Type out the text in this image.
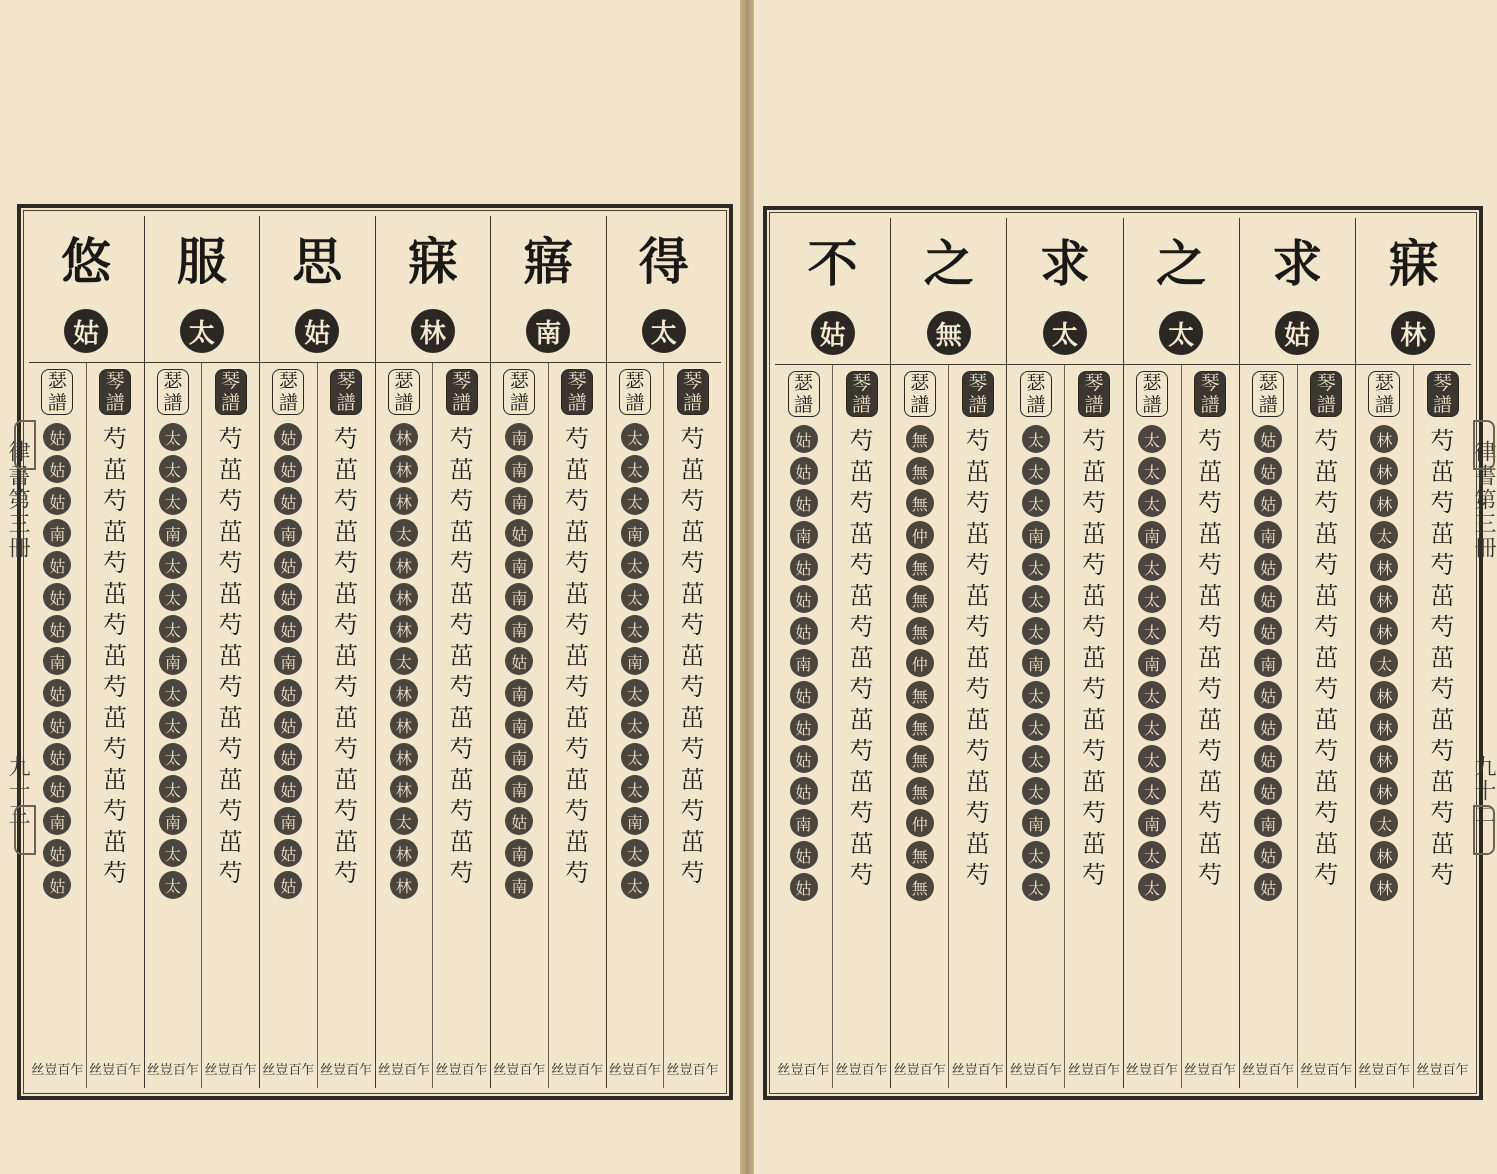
悠
姑
瑟譜
姑
姑
姑
南
姑
姑
姑
南
姑
姑
姑
姑
南
姑
姑
丝豈百乍
琴譜
芍
茁
芍
茁
芍
茁
芍
茁
芍
茁
芍
茁
芍
茁
芍
丝豈百乍
服
太
瑟譜
太
太
太
南
太
太
太
南
太
太
太
太
南
太
太
丝豈百乍
琴譜
芍
茁
芍
茁
芍
茁
芍
茁
芍
茁
芍
茁
芍
茁
芍
丝豈百乍
思
姑
瑟譜
姑
姑
姑
南
姑
姑
姑
南
姑
姑
姑
姑
南
姑
姑
丝豈百乍
琴譜
芍
茁
芍
茁
芍
茁
芍
茁
芍
茁
芍
茁
芍
茁
芍
丝豈百乍
寐
林
瑟譜
林
林
林
太
林
林
林
太
林
林
林
林
太
林
林
丝豈百乍
琴譜
芍
茁
芍
茁
芍
茁
芍
茁
芍
茁
芍
茁
芍
茁
芍
丝豈百乍
寤
南
瑟譜
南
南
南
姑
南
南
南
姑
南
南
南
南
姑
南
南
丝豈百乍
琴譜
芍
茁
芍
茁
芍
茁
芍
茁
芍
茁
芍
茁
芍
茁
芍
丝豈百乍
得
太
瑟譜
太
太
太
南
太
太
太
南
太
太
太
太
南
太
太
丝豈百乍
琴譜
芍
茁
芍
茁
芍
茁
芍
茁
芍
茁
芍
茁
芍
茁
芍
丝豈百乍
不
姑
瑟譜
姑
姑
姑
南
姑
姑
姑
南
姑
姑
姑
姑
南
姑
姑
丝豈百乍
琴譜
芍
茁
芍
茁
芍
茁
芍
茁
芍
茁
芍
茁
芍
茁
芍
丝豈百乍
之
無
瑟譜
無
無
無
仲
無
無
無
仲
無
無
無
無
仲
無
無
丝豈百乍
琴譜
芍
茁
芍
茁
芍
茁
芍
茁
芍
茁
芍
茁
芍
茁
芍
丝豈百乍
求
太
瑟譜
太
太
太
南
太
太
太
南
太
太
太
太
南
太
太
丝豈百乍
琴譜
芍
茁
芍
茁
芍
茁
芍
茁
芍
茁
芍
茁
芍
茁
芍
丝豈百乍
之
太
瑟譜
太
太
太
南
太
太
太
南
太
太
太
太
南
太
太
丝豈百乍
琴譜
芍
茁
芍
茁
芍
茁
芍
茁
芍
茁
芍
茁
芍
茁
芍
丝豈百乍
求
姑
瑟譜
姑
姑
姑
南
姑
姑
姑
南
姑
姑
姑
姑
南
姑
姑
丝豈百乍
琴譜
芍
茁
芍
茁
芍
茁
芍
茁
芍
茁
芍
茁
芍
茁
芍
丝豈百乍
寐
林
瑟譜
林
林
林
太
林
林
林
太
林
林
林
林
太
林
林
丝豈百乍
琴譜
芍
茁
芍
茁
芍
茁
芍
茁
芍
茁
芍
茁
芍
茁
芍
丝豈百乍
律書第三冊
九十三
律書第三冊
九十二
